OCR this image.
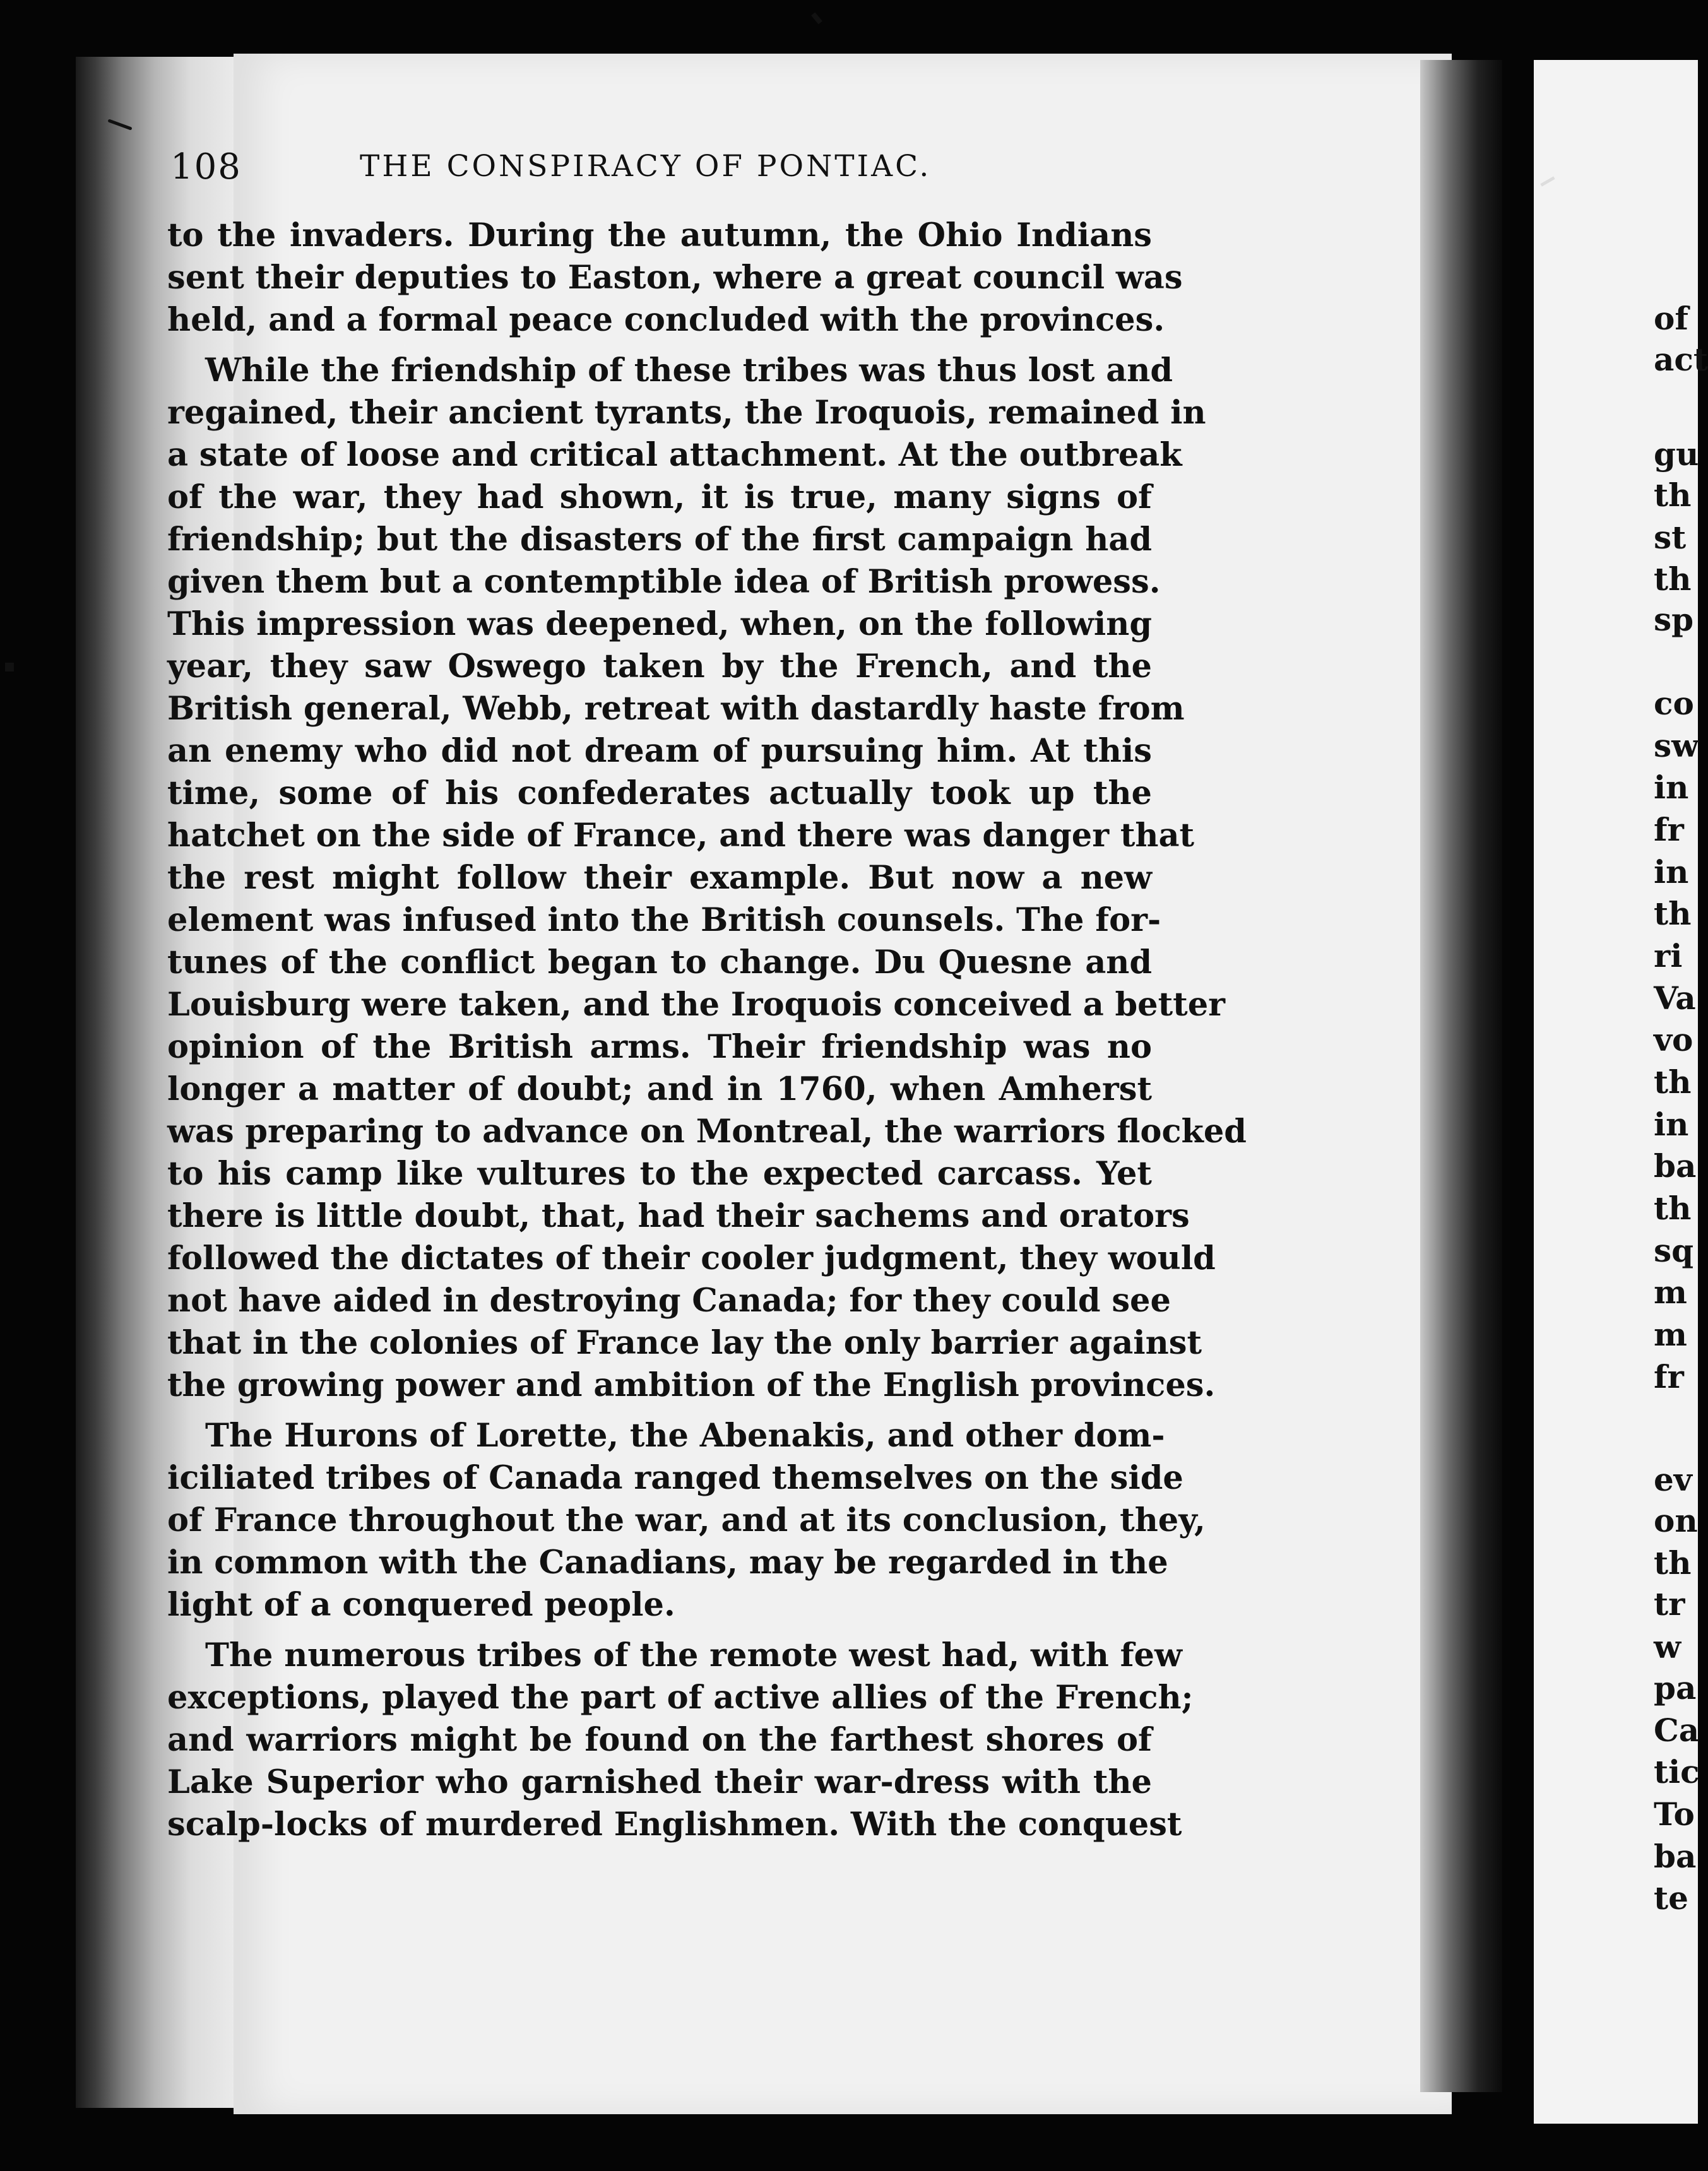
108	THE CONSPIRACY OF PONTIAC.
to the invaders. During the autumn, the Ohio Indians
sent their deputies to Easton, where a great council was
held, and a formal peace concluded with the provinces.
While the friendship of these tribes was thus lost and
regained, their ancient tyrants, the Iroquois, remained in
a state of loose and critical attachment. At the outbreak
of the war, they had shown, it is true, many signs of
friendship; but the disasters of the first campaign had
given them but a contemptible idea of British prowess.
This impression was deepened, when, on the following
year, they saw Oswego taken by the French, and the
British general, Webb, retreat with dastardly haste from
an enemy who did not dream of pursuing him. At this
time, some of his confederates actually took up the
hatchet on the side of France, and there was danger that
the rest might follow their example. But now a new
element was infused into the British counsels. The for-
tunes of the conflict began to change. Du Quesne and
Louisburg were taken, and the Iroquois conceived a better
opinion of the British arms. Their friendship was no
longer a matter of doubt; and in 1760, when Amherst
was preparing to advance on Montreal, the warriors flocked
to his camp like vultures to the expected carcass. Yet
there is little doubt, that, had their sachems and orators
followed the dictates of their cooler judgment, they would
not have aided in destroying Canada; for they could see
that in the colonies of France lay the only barrier against
the growing power and ambition of the English provinces.
The Hurons of Lorette, the Abenakis, and other dom-
iciliated tribes of Canada ranged themselves on the side
of France throughout the war, and at its conclusion, they,
in common with the Canadians, may be regarded in the
light of a conquered people.
The numerous tribes of the remote west had, with few
exceptions, played the part of active allies of the French;
and warriors might be found on the farthest shores of
Lake Superior who garnished their war-dress with the
scalp-locks of murdered Englishmen. With the conquest
of
act
gu
th
st
th
sp
co
sw
in
fr
in
th
ri
Va
vo
th
in
ba
th
sq
m
m
fr
ev
on
th
tr
w
pa
Ca
tic
To
ba
te
